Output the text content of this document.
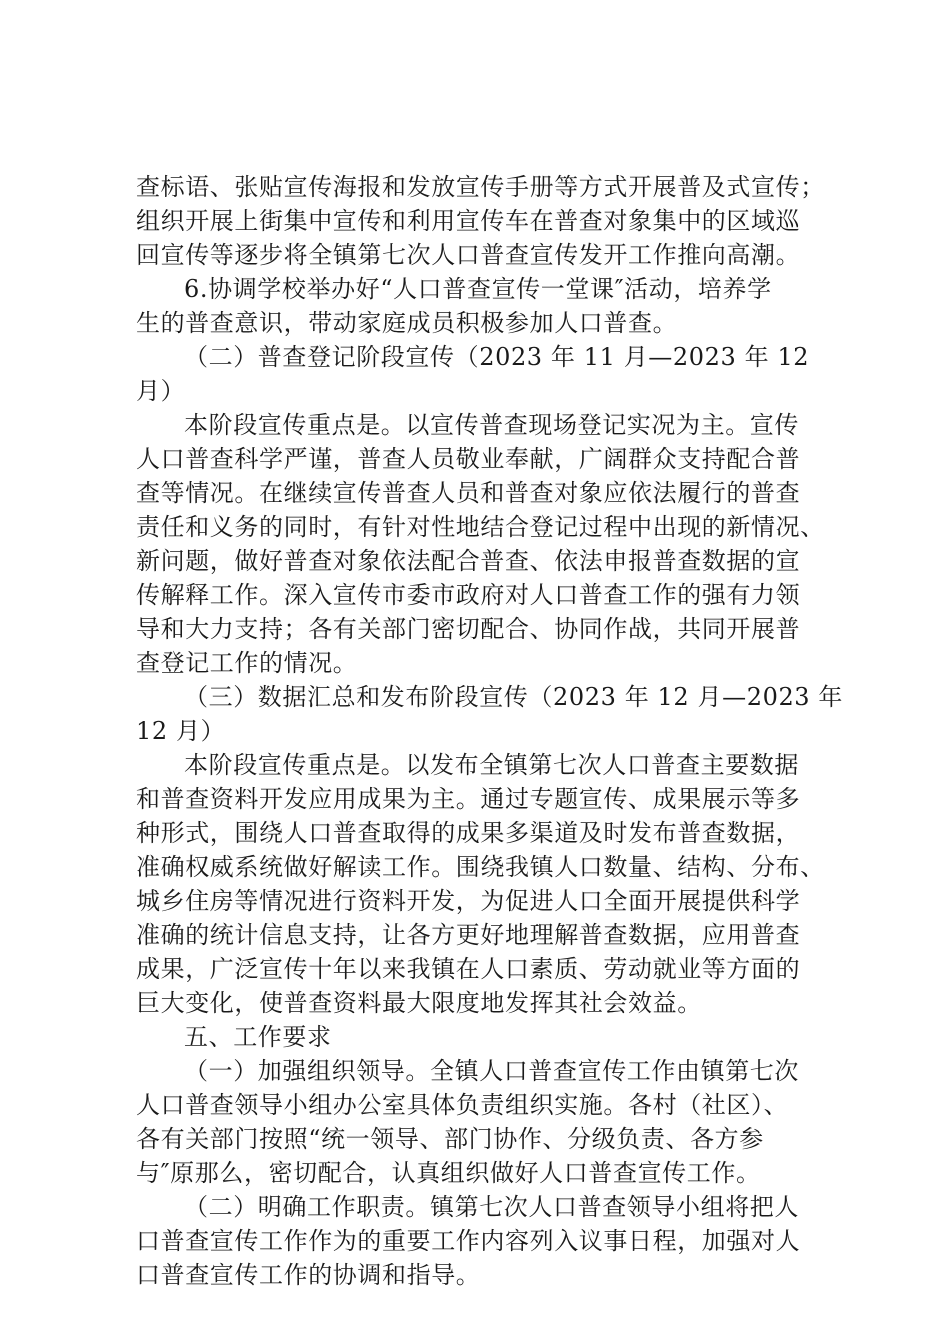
查标语、张贴宣传海报和发放宣传手册等方式开展普及式宣传；
组织开展上街集中宣传和利用宣传车在普查对象集中的区域巡
回宣传等逐步将全镇第七次人口普查宣传发开工作推向高潮。
6.协调学校举办好“人口普查宣传一堂课″活动，培养学
生的普查意识，带动家庭成员积极参加人口普查。
（二）普查登记阶段宣传（2023 年 11 月—2023 年 12
月）
本阶段宣传重点是。以宣传普查现场登记实况为主。宣传
人口普查科学严谨，普查人员敬业奉献，广阔群众支持配合普
查等情况。在继续宣传普查人员和普查对象应依法履行的普查
责任和义务的同时，有针对性地结合登记过程中出现的新情况、
新问题，做好普查对象依法配合普查、依法申报普查数据的宣
传解释工作。深入宣传市委市政府对人口普查工作的强有力领
导和大力支持；各有关部门密切配合、协同作战，共同开展普
查登记工作的情况。
（三）数据汇总和发布阶段宣传（2023 年 12 月—2023 年
12 月）
本阶段宣传重点是。以发布全镇第七次人口普查主要数据
和普查资料开发应用成果为主。通过专题宣传、成果展示等多
种形式，围绕人口普查取得的成果多渠道及时发布普查数据，
准确权威系统做好解读工作。围绕我镇人口数量、结构、分布、
城乡住房等情况进行资料开发，为促进人口全面开展提供科学
准确的统计信息支持，让各方更好地理解普查数据，应用普查
成果，广泛宣传十年以来我镇在人口素质、劳动就业等方面的
巨大变化，使普查资料最大限度地发挥其社会效益。
五、工作要求
（一）加强组织领导。全镇人口普查宣传工作由镇第七次
人口普查领导小组办公室具体负责组织实施。各村（社区）、
各有关部门按照“统一领导、部门协作、分级负责、各方参
与″原那么，密切配合，认真组织做好人口普查宣传工作。
（二）明确工作职责。镇第七次人口普查领导小组将把人
口普查宣传工作作为的重要工作内容列入议事日程，加强对人
口普查宣传工作的协调和指导。
